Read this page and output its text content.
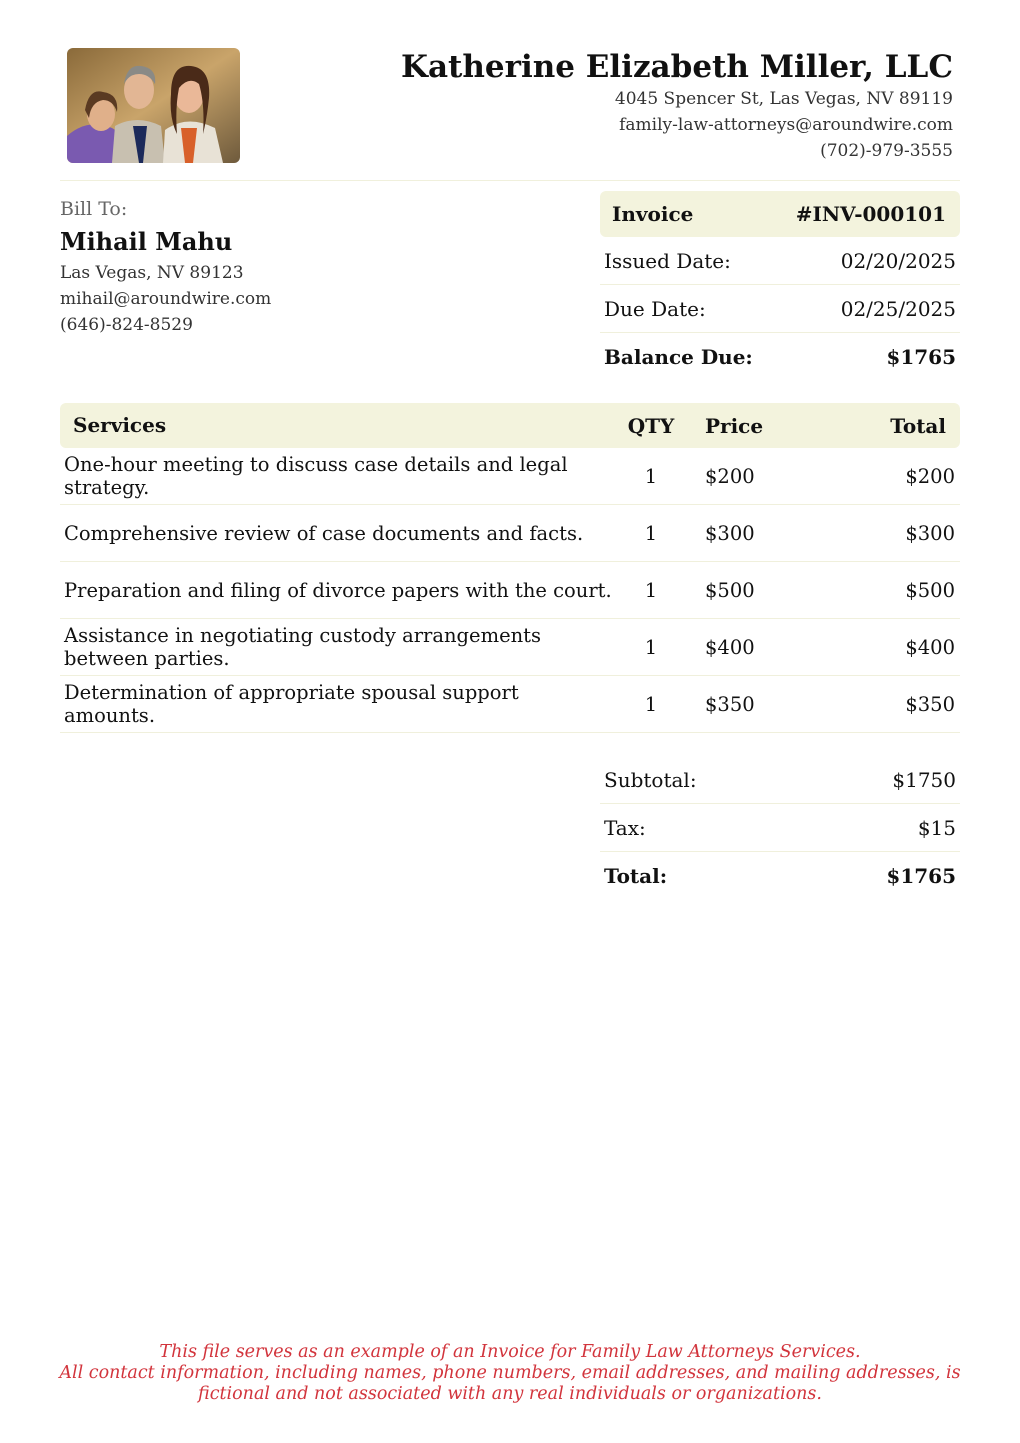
Katherine Elizabeth Miller, LLC
4045 Spencer St, Las Vegas, NV 89119
family-law-attorneys@aroundwire.com
(702)-979-3555
Bill To:
Mihail Mahu
Las Vegas, NV 89123
mihail@aroundwire.com
(646)-824-8529
Invoice	#INV-000101
Issued Date:	02/20/2025
Due Date:	02/25/2025
Balance Due:	$1765
Services	QTY	Price	Total
One-hour meeting to discuss case details and legal strategy.	1	$200	$200
Comprehensive review of case documents and facts.	1	$300	$300
Preparation and filing of divorce papers with the court.	1	$500	$500
Assistance in negotiating custody arrangements between parties.	1	$400	$400
Determination of appropriate spousal support amounts.	1	$350	$350
Subtotal:	$1750
Tax:	$15
Total:	$1765
This file serves as an example of an Invoice for Family Law Attorneys Services.
All contact information, including names, phone numbers, email addresses, and mailing addresses, is
fictional and not associated with any real individuals or organizations.
